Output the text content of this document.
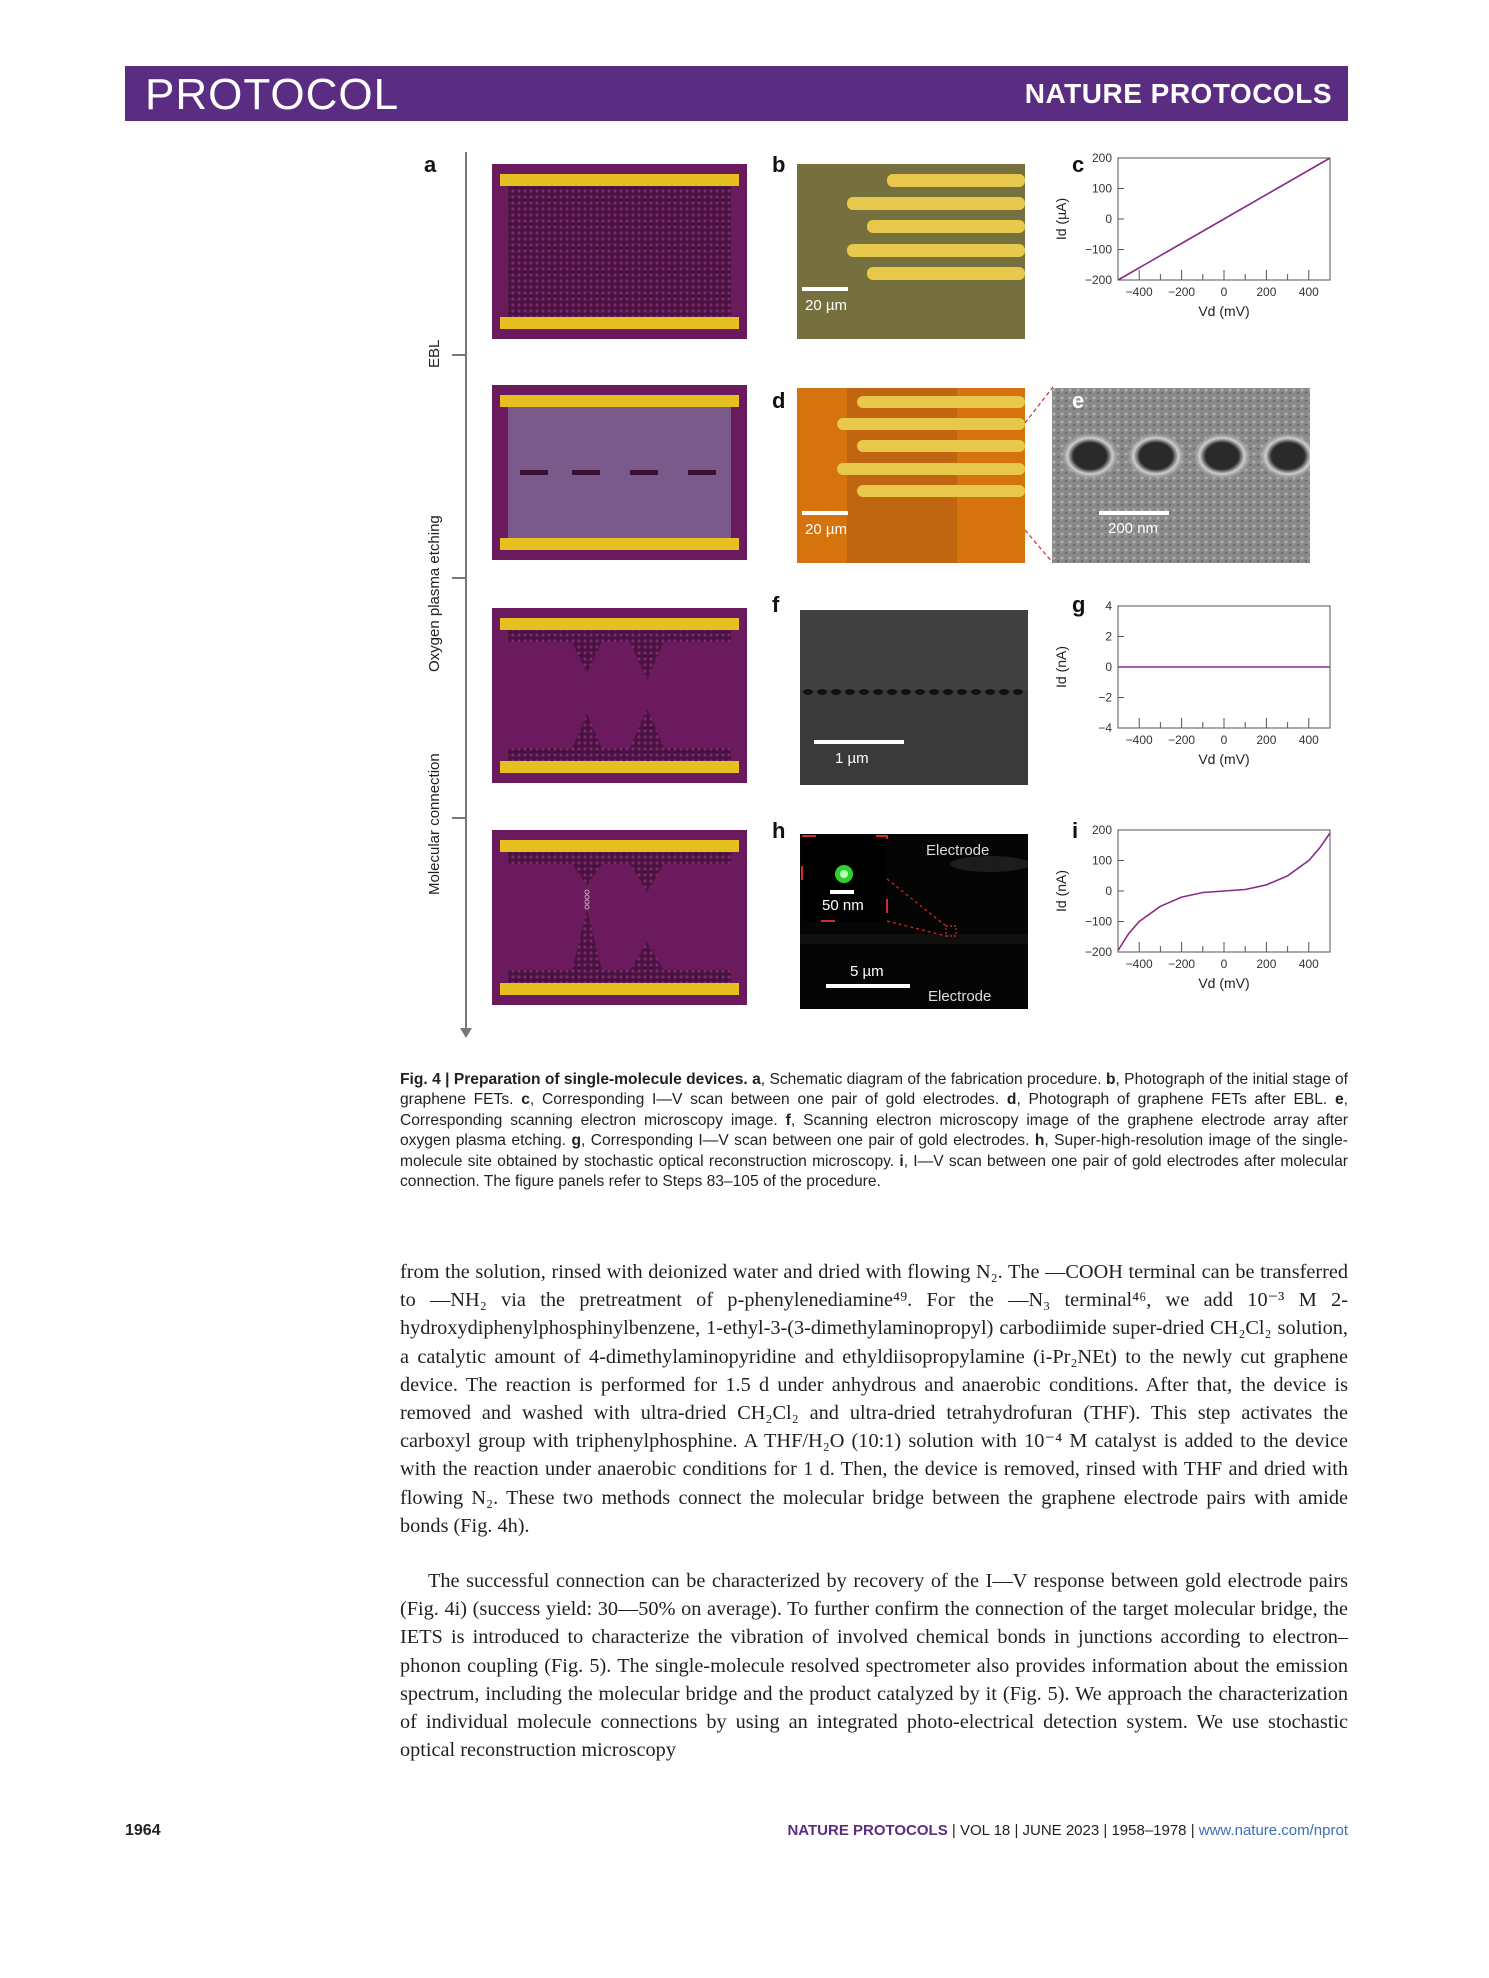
PROTOCOL	NATURE PROTOCOLS
EBL
Oxygen plasma etching
Molecular connection
a	b	c
d	e
f	g
h	i
20 µm
20 µm	200 nm
1 µm
50 nm
Electrode
Electrode
5 µm
200
100
0
−100
−200
−400 −200 0 200 400
Vd (mV)
Id (µA)
4
2
0
−2
−4
−400 −200 0 200 400
Vd (mV)
Id (nA)
200
100
0
−100
−200
−400 −200 0 200 400
Vd (mV)
Id (nA)
Fig. 4 | Preparation of single-molecule devices. a, Schematic diagram of the fabrication procedure. b, Photograph of the initial stage of graphene FETs. c, Corresponding I—V scan between one pair of gold electrodes. d, Photograph of graphene FETs after EBL. e, Corresponding scanning electron microscopy image. f, Scanning electron microscopy image of the graphene electrode array after oxygen plasma etching. g, Corresponding I—V scan between one pair of gold electrodes. h, Super-high-resolution image of the single-molecule site obtained by stochastic optical reconstruction microscopy. i, I—V scan between one pair of gold electrodes after molecular connection. The figure panels refer to Steps 83–105 of the procedure.
from the solution, rinsed with deionized water and dried with flowing N₂. The —COOH terminal can be transferred to —NH₂ via the pretreatment of p-phenylenediamine⁴⁹. For the —N₃ terminal⁴⁶, we add 10⁻³ M 2-hydroxydiphenylphosphinylbenzene, 1-ethyl-3-(3-dimethylaminopropyl) carbodiimide super-dried CH₂Cl₂ solution, a catalytic amount of 4-dimethylaminopyridine and ethyldiisopropylamine (i-Pr₂NEt) to the newly cut graphene device. The reaction is performed for 1.5 d under anhydrous and anaerobic conditions. After that, the device is removed and washed with ultra-dried CH₂Cl₂ and ultra-dried tetrahydrofuran (THF). This step activates the carboxyl group with triphenylphosphine. A THF/H₂O (10:1) solution with 10⁻⁴ M catalyst is added to the device with the reaction under anaerobic conditions for 1 d. Then, the device is removed, rinsed with THF and dried with flowing N₂. These two methods connect the molecular bridge between the graphene electrode pairs with amide bonds (Fig. 4h).
The successful connection can be characterized by recovery of the I—V response between gold electrode pairs (Fig. 4i) (success yield: 30—50% on average). To further confirm the connection of the target molecular bridge, the IETS is introduced to characterize the vibration of involved chemical bonds in junctions according to electron–phonon coupling (Fig. 5). The single-molecule resolved spectrometer also provides information about the emission spectrum, including the molecular bridge and the product catalyzed by it (Fig. 5). We approach the characterization of individual molecule connections by using an integrated photo-electrical detection system. We use stochastic optical reconstruction microscopy
1964	NATURE PROTOCOLS | VOL 18 | JUNE 2023 | 1958–1978 | www.nature.com/nprot
